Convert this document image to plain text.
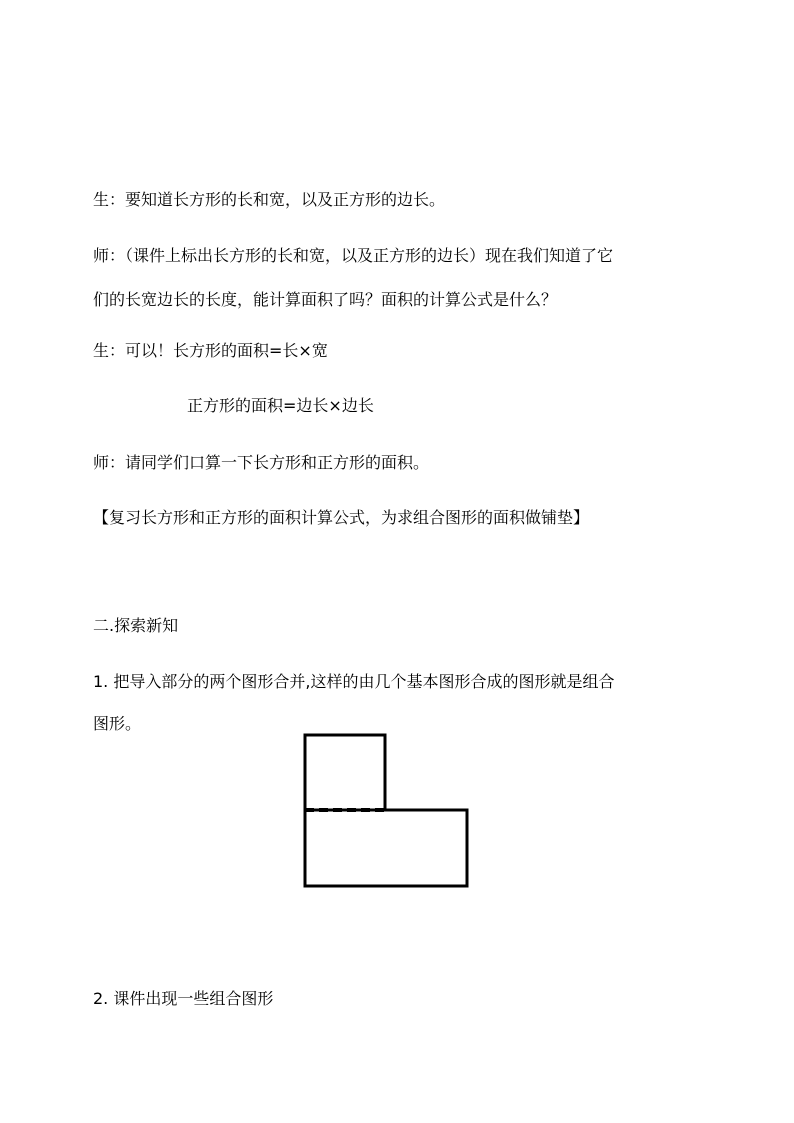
生：要知道长方形的长和宽，以及正方形的边长。
师：（课件上标出长方形的长和宽，以及正方形的边长）现在我们知道了它
们的长宽边长的长度，能计算面积了吗？面积的计算公式是什么？
生：可以！长方形的面积=长×宽
正方形的面积=边长×边长
师：请同学们口算一下长方形和正方形的面积。
【复习长方形和正方形的面积计算公式，为求组合图形的面积做铺垫】
二.探索新知
1. 把导入部分的两个图形合并,这样的由几个基本图形合成的图形就是组合
图形。
2. 课件出现一些组合图形
